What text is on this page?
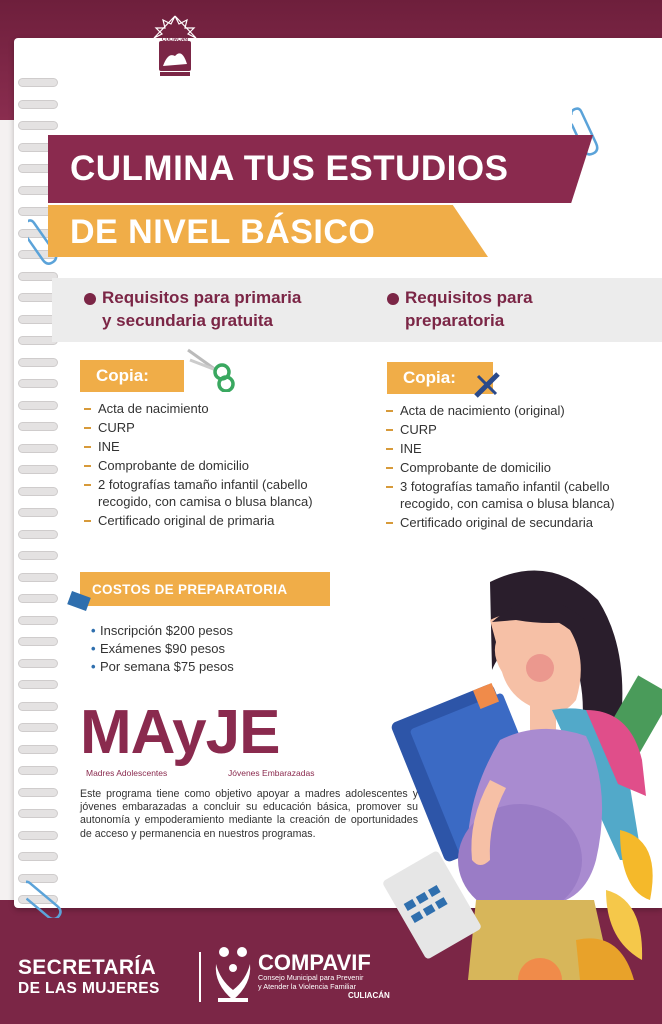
CULIACÁN
MDRNLDE
AYUNTAMIENTO DE
CULIACÁN CAPITAL
DE BIENESTAR
CULMINA TUS ESTUDIOS
DE NIVEL BÁSICO
Requisitos para primaria
y secundaria gratuita
Requisitos para
preparatoria
Copia:
Acta de nacimiento
CURP
INE
Comprobante de domicilio
2 fotografías tamaño infantil (cabello recogido, con camisa o blusa blanca)
Certificado original de primaria
Copia:
Acta de nacimiento (original)
CURP
INE
Comprobante de domicilio
3 fotografías tamaño infantil (cabello recogido, con camisa o blusa blanca)
Certificado original de secundaria
COSTOS DE PREPARATORIA
• Inscripción $200 pesos
• Exámenes $90 pesos
• Por semana $75 pesos
MAyJE
Madres Adolescentes	Jóvenes Embarazadas
Este programa tiene como objetivo apoyar a madres adolescentes y jóvenes embarazadas a concluir su educación básica, promover su autonomía y empoderamiento mediante la creación de oportunidades de acceso y permanencia en nuestros programas.
SECRETARÍA
DE LAS MUJERES
COMPAVIF
Consejo Municipal para Prevenir
y Atender la Violencia Familiar
CULIACÁN
